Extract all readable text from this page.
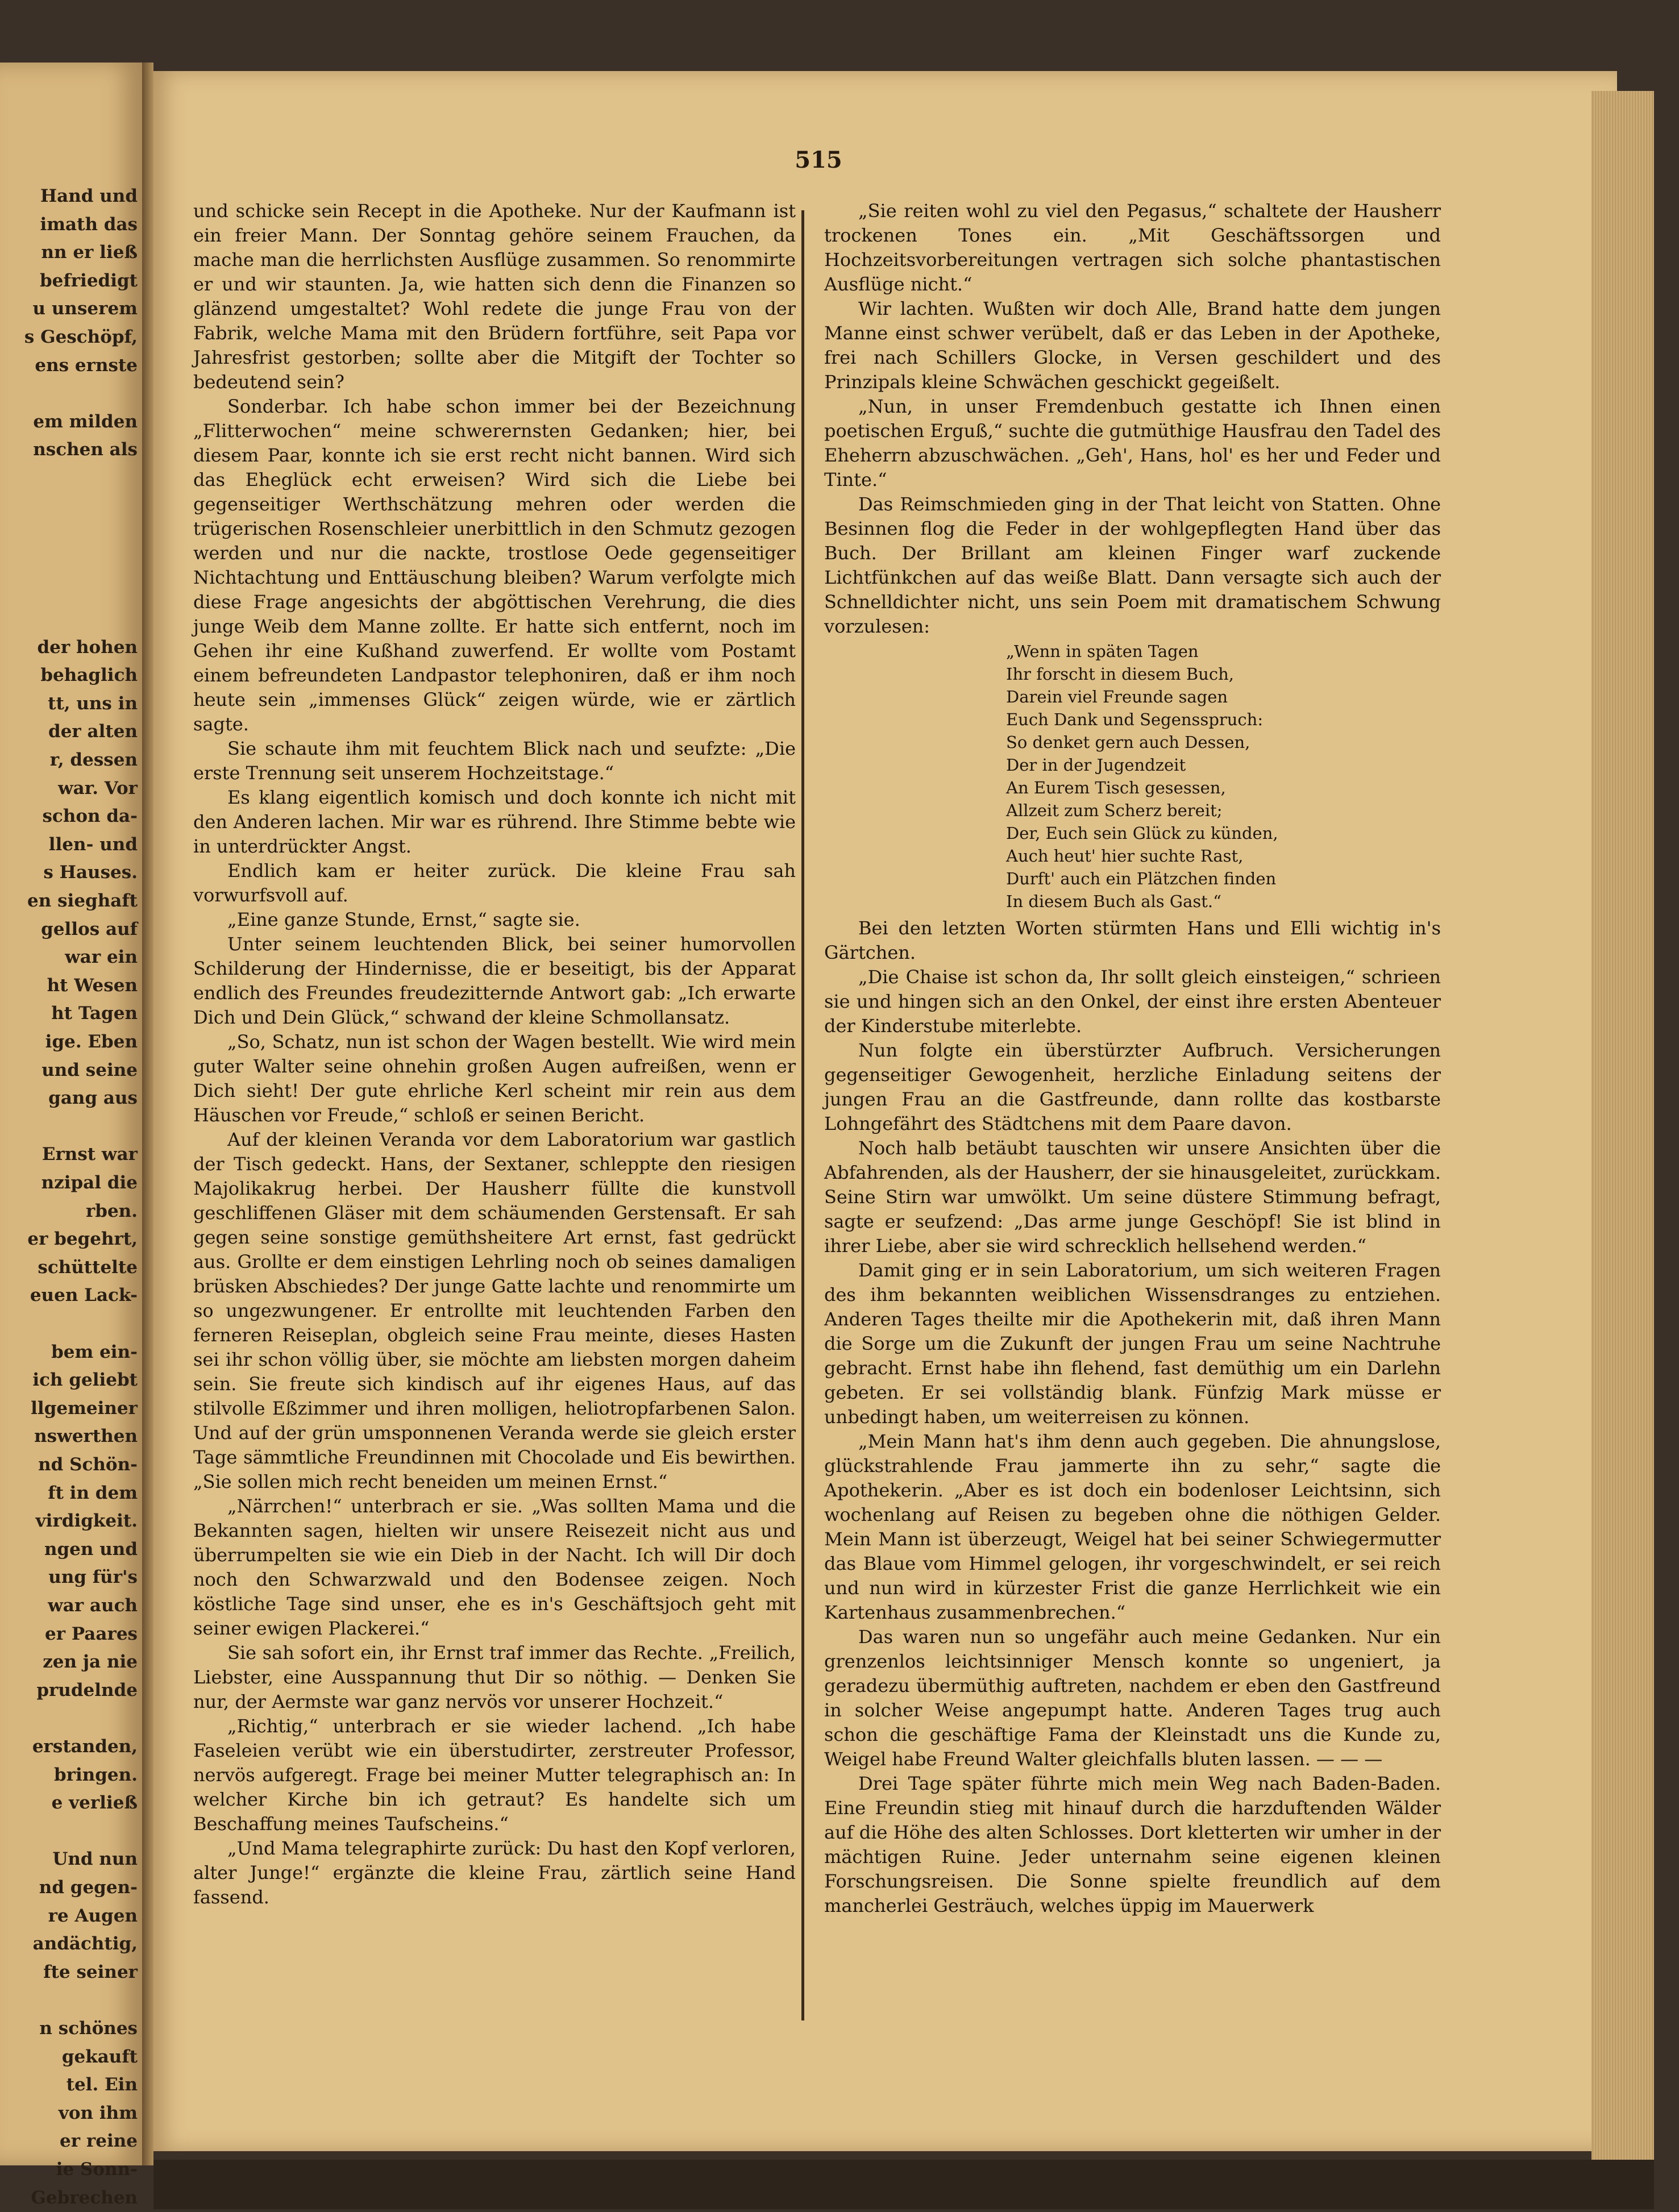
Hand und
imath das
nn er ließ
befriedigt
u unserem
s Geschöpf,
ens ernste
em milden
nschen als
der hohen
behaglich
tt, uns in
der alten
r, dessen
war. Vor
schon da-
llen- und
s Hauses.
en sieghaft
gellos auf
war ein
ht Wesen
ht Tagen
ige. Eben
und seine
gang aus
Ernst war
nzipal die
rben.
er begehrt,
schüttelte
euen Lack-
bem ein-
ich geliebt
llgemeiner
nswerthen
nd Schön-
ft in dem
virdigkeit.
ngen und
ung für's
war auch
er Paares
zen ja nie
prudelnde
erstanden,
bringen.
e verließ
Und nun
nd gegen-
re Augen
andächtig,
fte seiner
n schönes
gekauft
tel. Ein
von ihm
er reine
ie Sonn-
Gebrechen
515

und schicke sein Recept in die Apotheke. Nur der Kaufmann ist ein freier Mann. Der Sonntag gehöre seinem Frauchen, da mache man die herrlichsten Ausflüge zusammen. So renommirte er und wir staunten. Ja, wie hatten sich denn die Finanzen so glänzend umgestaltet? Wohl redete die junge Frau von der Fabrik, welche Mama mit den Brüdern fortführe, seit Papa vor Jahresfrist gestorben; sollte aber die Mitgift der Tochter so bedeutend sein?

Sonderbar. Ich habe schon immer bei der Bezeichnung „Flitterwochen“ meine schwerernsten Gedanken; hier, bei diesem Paar, konnte ich sie erst recht nicht bannen. Wird sich das Eheglück echt erweisen? Wird sich die Liebe bei gegenseitiger Werthschätzung mehren oder werden die trügerischen Rosenschleier unerbittlich in den Schmutz gezogen werden und nur die nackte, trostlose Oede gegenseitiger Nichtachtung und Enttäuschung bleiben? Warum verfolgte mich diese Frage angesichts der abgöttischen Verehrung, die dies junge Weib dem Manne zollte. Er hatte sich entfernt, noch im Gehen ihr eine Kußhand zuwerfend. Er wollte vom Postamt einem befreundeten Landpastor telephoniren, daß er ihm noch heute sein „immenses Glück“ zeigen würde, wie er zärtlich sagte.

Sie schaute ihm mit feuchtem Blick nach und seufzte: „Die erste Trennung seit unserem Hochzeitstage.“

Es klang eigentlich komisch und doch konnte ich nicht mit den Anderen lachen. Mir war es rührend. Ihre Stimme bebte wie in unterdrückter Angst.

Endlich kam er heiter zurück. Die kleine Frau sah vorwurfsvoll auf.

„Eine ganze Stunde, Ernst,“ sagte sie.

Unter seinem leuchtenden Blick, bei seiner humorvollen Schilderung der Hindernisse, die er beseitigt, bis der Apparat endlich des Freundes freudezitternde Antwort gab: „Ich erwarte Dich und Dein Glück,“ schwand der kleine Schmollansatz.

„So, Schatz, nun ist schon der Wagen bestellt. Wie wird mein guter Walter seine ohnehin großen Augen aufreißen, wenn er Dich sieht! Der gute ehrliche Kerl scheint mir rein aus dem Häuschen vor Freude,“ schloß er seinen Bericht.

Auf der kleinen Veranda vor dem Laboratorium war gastlich der Tisch gedeckt. Hans, der Sextaner, schleppte den riesigen Majolikakrug herbei. Der Hausherr füllte die kunstvoll geschliffenen Gläser mit dem schäumenden Gerstensaft. Er sah gegen seine sonstige gemüthsheitere Art ernst, fast gedrückt aus. Grollte er dem einstigen Lehrling noch ob seines damaligen brüsken Abschiedes? Der junge Gatte lachte und renommirte um so ungezwungener. Er entrollte mit leuchtenden Farben den ferneren Reiseplan, obgleich seine Frau meinte, dieses Hasten sei ihr schon völlig über, sie möchte am liebsten morgen daheim sein. Sie freute sich kindisch auf ihr eigenes Haus, auf das stilvolle Eßzimmer und ihren molligen, heliotropfarbenen Salon. Und auf der grün umsponnenen Veranda werde sie gleich erster Tage sämmtliche Freundinnen mit Chocolade und Eis bewirthen. „Sie sollen mich recht beneiden um meinen Ernst.“

„Närrchen!“ unterbrach er sie. „Was sollten Mama und die Bekannten sagen, hielten wir unsere Reisezeit nicht aus und überrumpelten sie wie ein Dieb in der Nacht. Ich will Dir doch noch den Schwarzwald und den Bodensee zeigen. Noch köstliche Tage sind unser, ehe es in's Geschäftsjoch geht mit seiner ewigen Plackerei.“

Sie sah sofort ein, ihr Ernst traf immer das Rechte. „Freilich, Liebster, eine Ausspannung thut Dir so nöthig. — Denken Sie nur, der Aermste war ganz nervös vor unserer Hochzeit.“

„Richtig,“ unterbrach er sie wieder lachend. „Ich habe Faseleien verübt wie ein überstudirter, zerstreuter Professor, nervös aufgeregt. Frage bei meiner Mutter telegraphisch an: In welcher Kirche bin ich getraut? Es handelte sich um Beschaffung meines Taufscheins.“

„Und Mama telegraphirte zurück: Du hast den Kopf verloren, alter Junge!“ ergänzte die kleine Frau, zärtlich seine Hand fassend.

„Sie reiten wohl zu viel den Pegasus,“ schaltete der Hausherr trockenen Tones ein. „Mit Geschäftssorgen und Hochzeitsvorbereitungen vertragen sich solche phantastischen Ausflüge nicht.“

Wir lachten. Wußten wir doch Alle, Brand hatte dem jungen Manne einst schwer verübelt, daß er das Leben in der Apotheke, frei nach Schillers Glocke, in Versen geschildert und des Prinzipals kleine Schwächen geschickt gegeißelt.

„Nun, in unser Fremdenbuch gestatte ich Ihnen einen poetischen Erguß,“ suchte die gutmüthige Hausfrau den Tadel des Eheherrn abzuschwächen. „Geh', Hans, hol' es her und Feder und Tinte.“

Das Reimschmieden ging in der That leicht von Statten. Ohne Besinnen flog die Feder in der wohlgepflegten Hand über das Buch. Der Brillant am kleinen Finger warf zuckende Lichtfünkchen auf das weiße Blatt. Dann versagte sich auch der Schnelldichter nicht, uns sein Poem mit dramatischem Schwung vorzulesen:

„Wenn in späten Tagen
Ihr forscht in diesem Buch,
Darein viel Freunde sagen
Euch Dank und Segensspruch:
So denket gern auch Dessen,
Der in der Jugendzeit
An Eurem Tisch gesessen,
Allzeit zum Scherz bereit;
Der, Euch sein Glück zu künden,
Auch heut' hier suchte Rast,
Durft' auch ein Plätzchen finden
In diesem Buch als Gast.“

Bei den letzten Worten stürmten Hans und Elli wichtig in's Gärtchen.

„Die Chaise ist schon da, Ihr sollt gleich einsteigen,“ schrieen sie und hingen sich an den Onkel, der einst ihre ersten Abenteuer der Kinderstube miterlebte.

Nun folgte ein überstürzter Aufbruch. Versicherungen gegenseitiger Gewogenheit, herzliche Einladung seitens der jungen Frau an die Gastfreunde, dann rollte das kostbarste Lohngefährt des Städtchens mit dem Paare davon.

Noch halb betäubt tauschten wir unsere Ansichten über die Abfahrenden, als der Hausherr, der sie hinausgeleitet, zurückkam. Seine Stirn war umwölkt. Um seine düstere Stimmung befragt, sagte er seufzend: „Das arme junge Geschöpf! Sie ist blind in ihrer Liebe, aber sie wird schrecklich hellsehend werden.“

Damit ging er in sein Laboratorium, um sich weiteren Fragen des ihm bekannten weiblichen Wissensdranges zu entziehen. Anderen Tages theilte mir die Apothekerin mit, daß ihren Mann die Sorge um die Zukunft der jungen Frau um seine Nachtruhe gebracht. Ernst habe ihn flehend, fast demüthig um ein Darlehn gebeten. Er sei vollständig blank. Fünfzig Mark müsse er unbedingt haben, um weiterreisen zu können.

„Mein Mann hat's ihm denn auch gegeben. Die ahnungslose, glückstrahlende Frau jammerte ihn zu sehr,“ sagte die Apothekerin. „Aber es ist doch ein bodenloser Leichtsinn, sich wochenlang auf Reisen zu begeben ohne die nöthigen Gelder. Mein Mann ist überzeugt, Weigel hat bei seiner Schwiegermutter das Blaue vom Himmel gelogen, ihr vorgeschwindelt, er sei reich und nun wird in kürzester Frist die ganze Herrlichkeit wie ein Kartenhaus zusammenbrechen.“

Das waren nun so ungefähr auch meine Gedanken. Nur ein grenzenlos leichtsinniger Mensch konnte so ungeniert, ja geradezu übermüthig auftreten, nachdem er eben den Gastfreund in solcher Weise angepumpt hatte. Anderen Tages trug auch schon die geschäftige Fama der Kleinstadt uns die Kunde zu, Weigel habe Freund Walter gleichfalls bluten lassen. — — —

Drei Tage später führte mich mein Weg nach Baden-Baden. Eine Freundin stieg mit hinauf durch die harzduftenden Wälder auf die Höhe des alten Schlosses. Dort kletterten wir umher in der mächtigen Ruine. Jeder unternahm seine eigenen kleinen Forschungsreisen. Die Sonne spielte freundlich auf dem mancherlei Gesträuch, welches üppig im Mauerwerk
